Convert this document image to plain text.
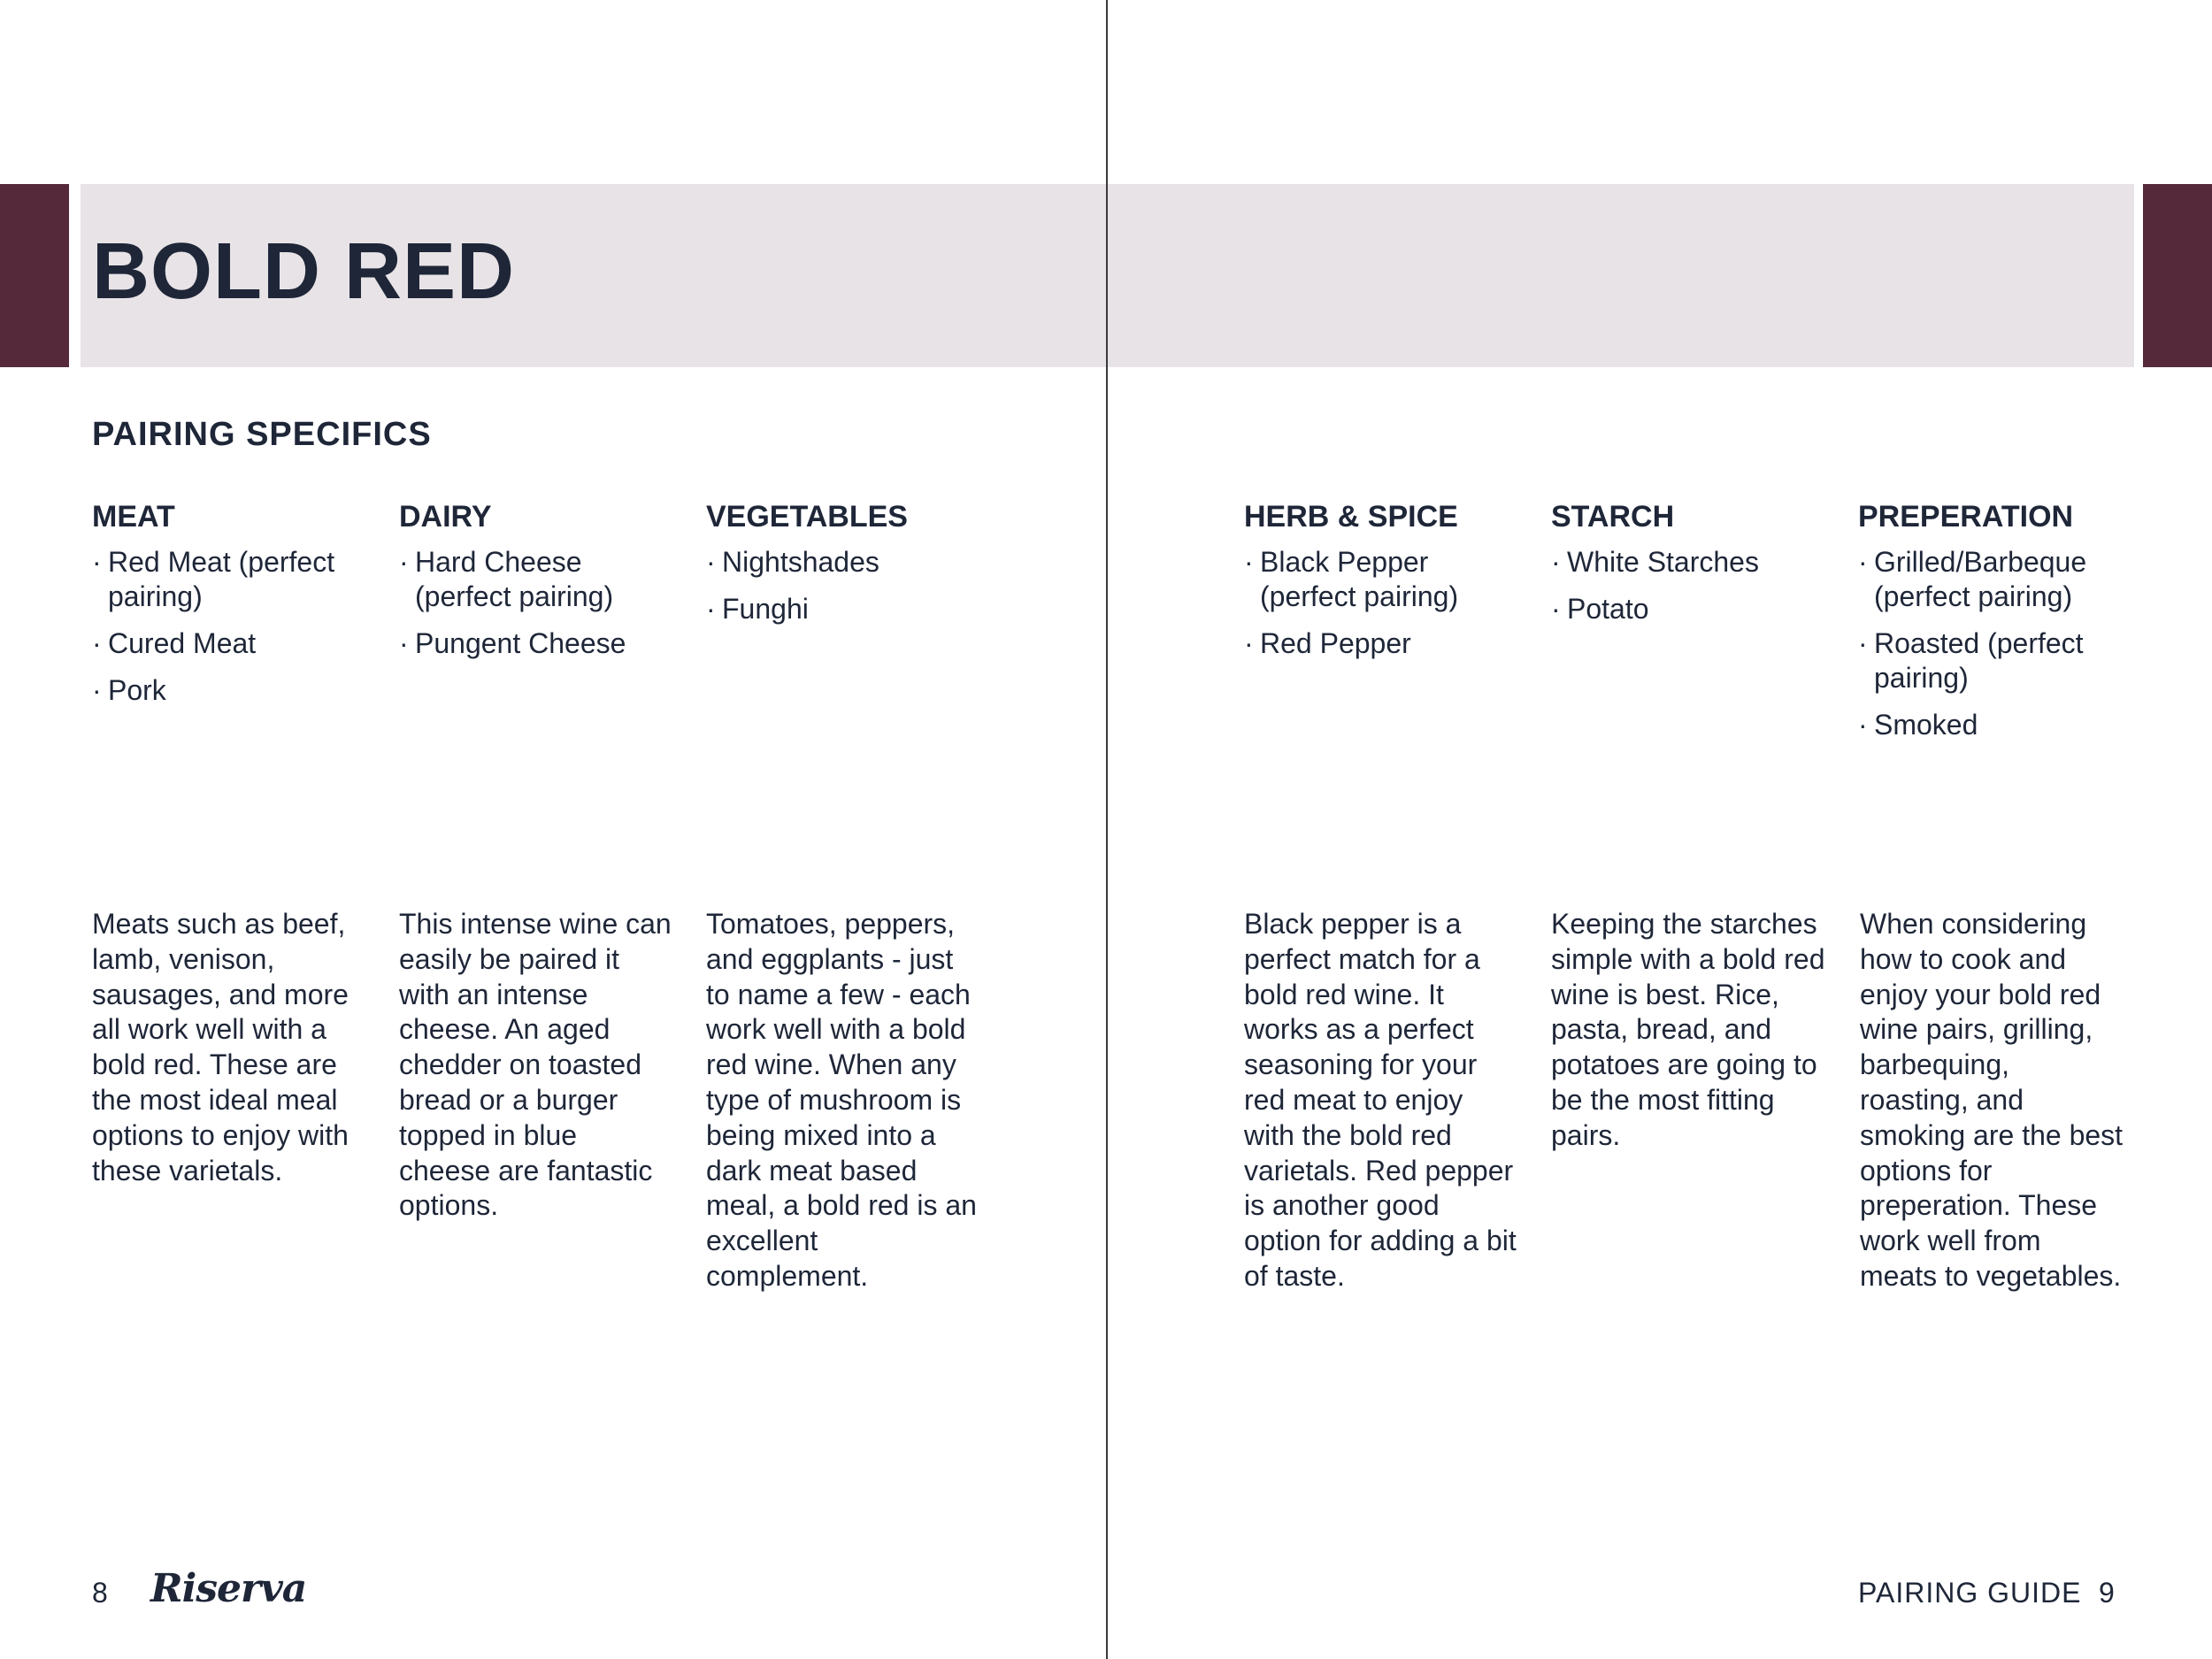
BOLD RED
PAIRING SPECIFICS
MEAT
· Red Meat (perfect pairing)
· Cured Meat
· Pork

Meats such as beef, lamb, venison, sausages, and more all work well with a bold red. These are the most ideal meal options to enjoy with these varietals.

DAIRY
· Hard Cheese (perfect pairing)
· Pungent Cheese

This intense wine can easily be paired it with an intense cheese. An aged chedder on toasted bread or a burger topped in blue cheese are fantastic options.

VEGETABLES
· Nightshades
· Funghi

Tomatoes, peppers, and eggplants - just to name a few - each work well with a bold red wine. When any type of mushroom is being mixed into a dark meat based meal, a bold red is an excellent complement.

HERB & SPICE
· Black Pepper (perfect pairing)
· Red Pepper

Black pepper is a perfect match for a bold red wine. It works as a perfect seasoning for your red meat to enjoy with the bold red varietals. Red pepper is another good option for adding a bit of taste.

STARCH
· White Starches
· Potato

Keeping the starches simple with a bold red wine is best. Rice, pasta, bread, and potatoes are going to be the most fitting pairs.

PREPERATION
· Grilled/Barbeque (perfect pairing)
· Roasted (perfect pairing)
· Smoked

When considering how to cook and enjoy your bold red wine pairs, grilling, barbequing, roasting, and smoking are the best options for preperation. These work well from meats to vegetables.

8 Riserva	PAIRING GUIDE 9
